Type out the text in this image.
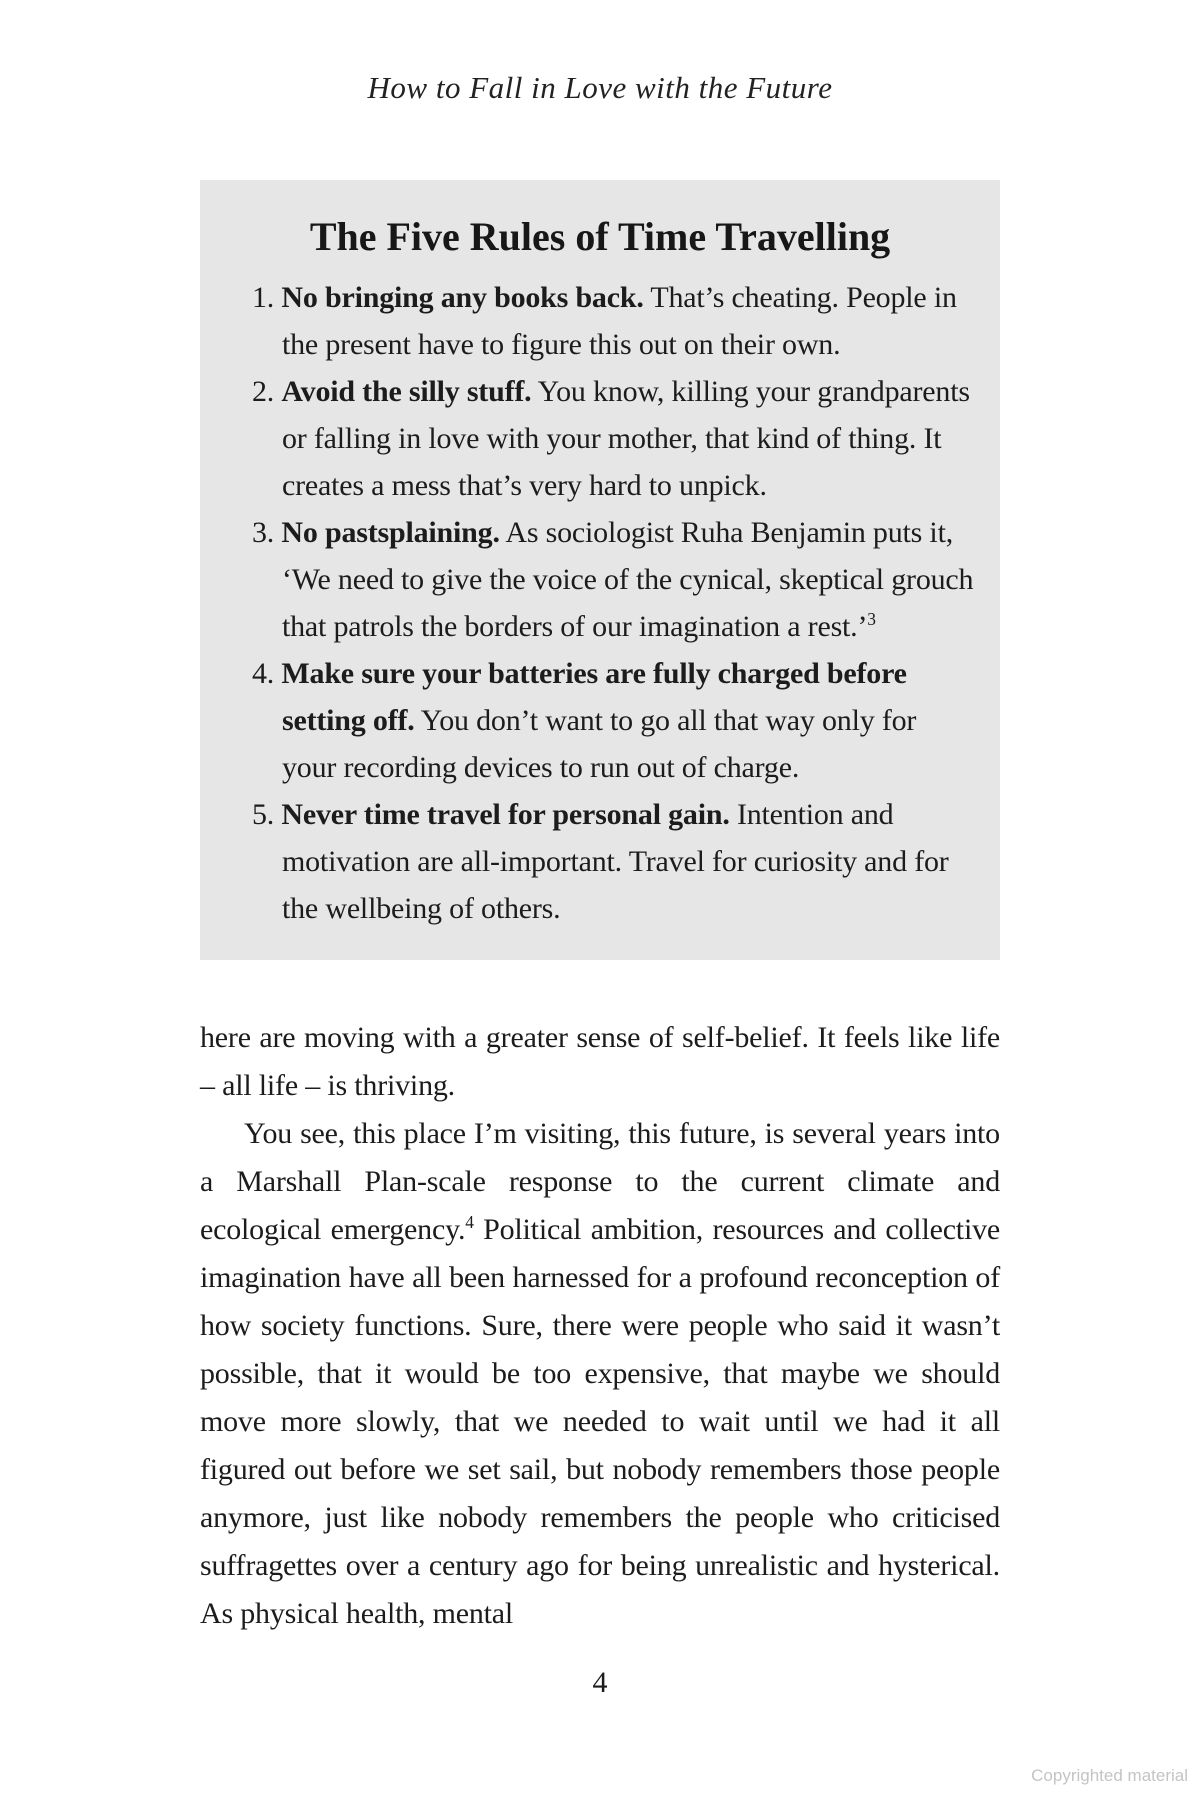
How to Fall in Love with the Future
The Five Rules of Time Travelling
1. No bringing any books back. That’s cheating. People in the present have to figure this out on their own.
2. Avoid the silly stuff. You know, killing your grandparents or falling in love with your mother, that kind of thing. It creates a mess that’s very hard to unpick.
3. No pastsplaining. As sociologist Ruha Benjamin puts it, ‘We need to give the voice of the cynical, skeptical grouch that patrols the borders of our imagination a rest.’$^3$
4. Make sure your batteries are fully charged before setting off. You don’t want to go all that way only for your recording devices to run out of charge.
5. Never time travel for personal gain. Intention and motivation are all-important. Travel for curiosity and for the wellbeing of others.

here are moving with a greater sense of self-belief. It feels like life – all life – is thriving.

You see, this place I’m visiting, this future, is several years into a Marshall Plan-scale response to the current climate and ecological emergency.$^4$ Political ambition, resources and collective imagination have all been harnessed for a profound reconception of how society functions. Sure, there were people who said it wasn’t possible, that it would be too expensive, that maybe we should move more slowly, that we needed to wait until we had it all figured out before we set sail, but nobody remembers those people anymore, just like nobody remembers the people who criticised suffragettes over a century ago for being unrealistic and hysterical. As physical health, mental

4
Copyrighted material
